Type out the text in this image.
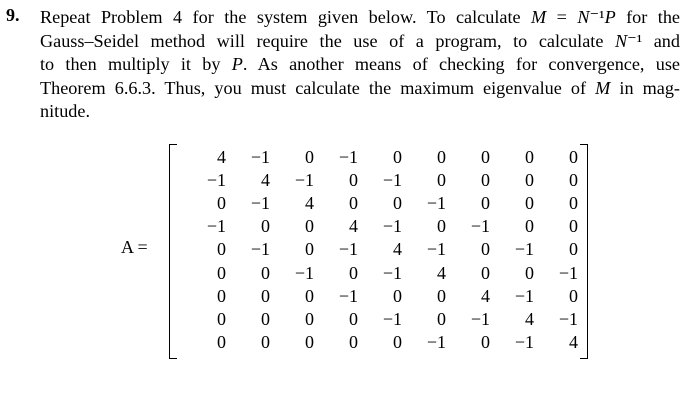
9. Repeat Problem 4 for the system given below. To calculate M = N⁻¹P for the
Gauss–Seidel method will require the use of a program, to calculate N⁻¹ and
to then multiply it by P. As another means of checking for convergence, use
Theorem 6.6.3. Thus, you must calculate the maximum eigenvalue of M in mag-
nitude.
A =
4	−1	0	−1	0	0	0	0	0
−1	4	−1	0	−1	0	0	0	0
0	−1	4	0	0	−1	0	0	0
−1	0	0	4	−1	0	−1	0	0
0	−1	0	−1	4	−1	0	−1	0
0	0	−1	0	−1	4	0	0	−1
0	0	0	−1	0	0	4	−1	0
0	0	0	0	−1	0	−1	4	−1
0	0	0	0	0	−1	0	−1	4
